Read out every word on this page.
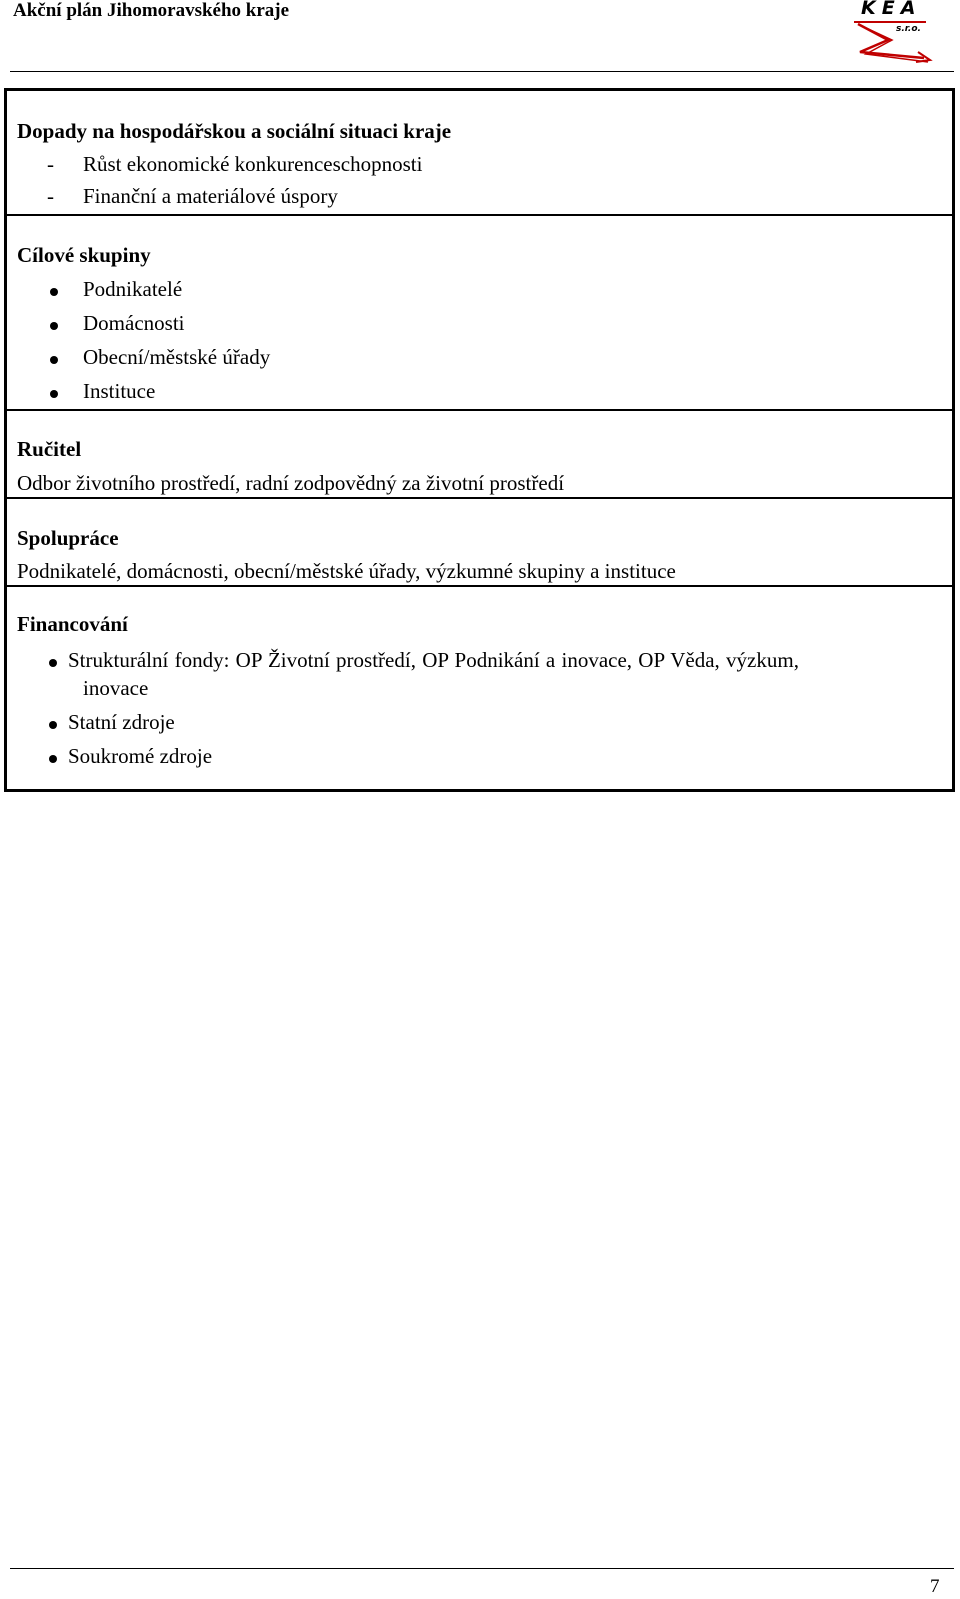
Akční plán Jihomoravského kraje	KEA
s.r.o.
Dopady na hospodářskou a sociální situaci kraje
- Růst ekonomické konkurenceschopnosti
- Finanční a materiálové úspory
Cílové skupiny
Podnikatelé
Domácnosti
Obecní/městské úřady
Instituce
Ručitel
Odbor životního prostředí, radní zodpovědný za životní prostředí
Spolupráce
Podnikatelé, domácnosti, obecní/městské úřady, výzkumné skupiny a instituce
Financování
Strukturální fondy: OP Životní prostředí, OP Podnikání a inovace, OP Věda, výzkum,
inovace
Statní zdroje
Soukromé zdroje
7
